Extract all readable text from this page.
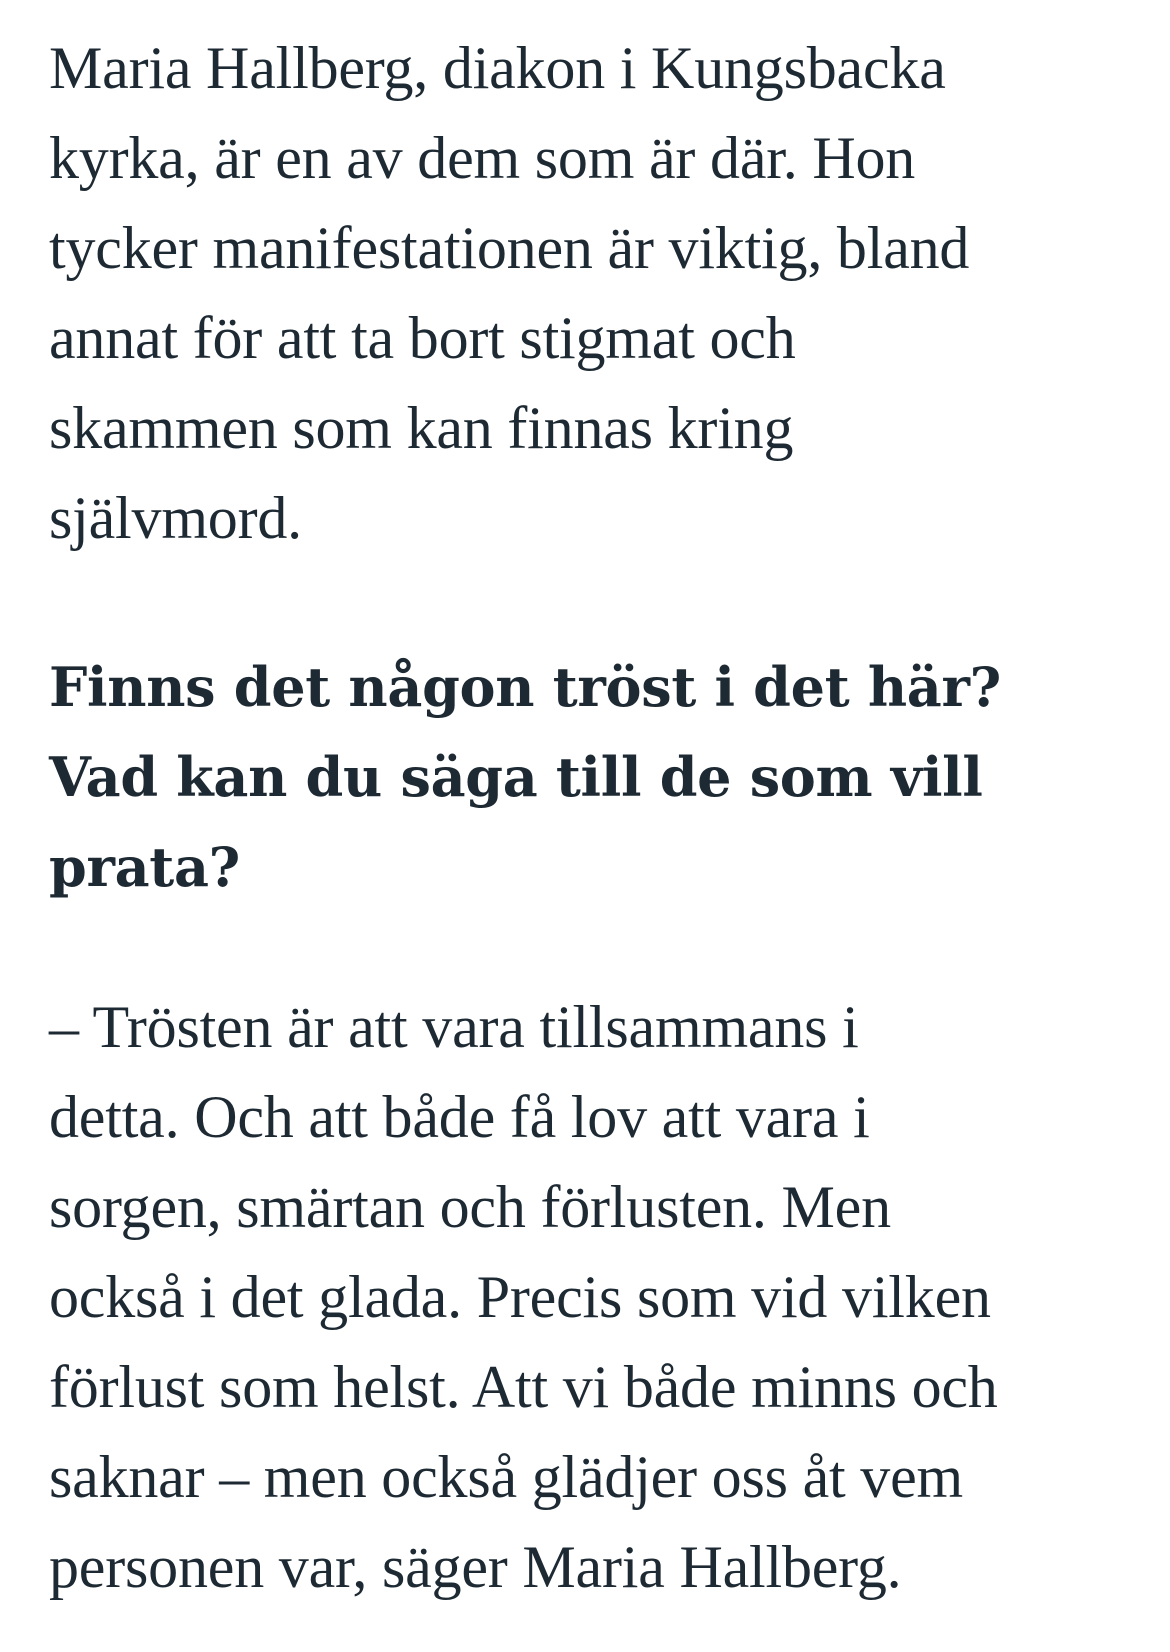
Maria Hallberg, diakon i Kungsbacka
kyrka, är en av dem som är där. Hon
tycker manifestationen är viktig, bland
annat för att ta bort stigmat och
skammen som kan finnas kring
självmord.

Finns det någon tröst i det här?
Vad kan du säga till de som vill
prata?

– Trösten är att vara tillsammans i
detta. Och att både få lov att vara i
sorgen, smärtan och förlusten. Men
också i det glada. Precis som vid vilken
förlust som helst. Att vi både minns och
saknar – men också glädjer oss åt vem
personen var, säger Maria Hallberg.
